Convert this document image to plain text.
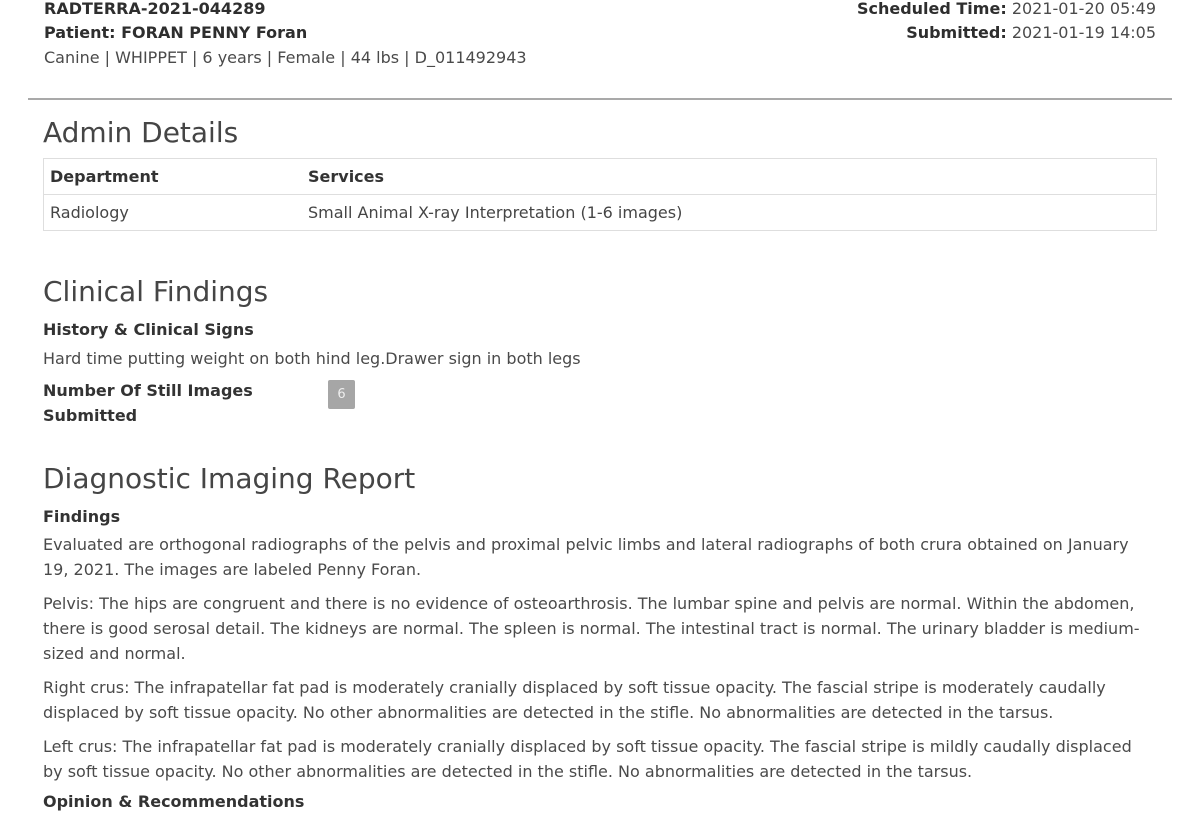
RADTERRA-2021-044289
Patient: FORAN PENNY Foran
Canine | WHIPPET | 6 years | Female | 44 lbs | D_011492943
Scheduled Time: 2021-01-20 05:49
Submitted: 2021-01-19 14:05
Admin Details
Department	Services
Radiology	Small Animal X-ray Interpretation (1-6 images)
Clinical Findings
History & Clinical Signs
Hard time putting weight on both hind leg.Drawer sign in both legs
Number Of Still Images Submitted
6
Diagnostic Imaging Report
Findings

Evaluated are orthogonal radiographs of the pelvis and proximal pelvic limbs and lateral radiographs of both crura obtained on January 19, 2021. The images are labeled Penny Foran.

Pelvis: The hips are congruent and there is no evidence of osteoarthrosis. The lumbar spine and pelvis are normal. Within the abdomen, there is good serosal detail. The kidneys are normal. The spleen is normal. The intestinal tract is normal. The urinary bladder is medium-sized and normal.

Right crus: The infrapatellar fat pad is moderately cranially displaced by soft tissue opacity. The fascial stripe is moderately caudally displaced by soft tissue opacity. No other abnormalities are detected in the stifle. No abnormalities are detected in the tarsus.

Left crus: The infrapatellar fat pad is moderately cranially displaced by soft tissue opacity. The fascial stripe is mildly caudally displaced by soft tissue opacity. No other abnormalities are detected in the stifle. No abnormalities are detected in the tarsus.

Opinion & Recommendations
